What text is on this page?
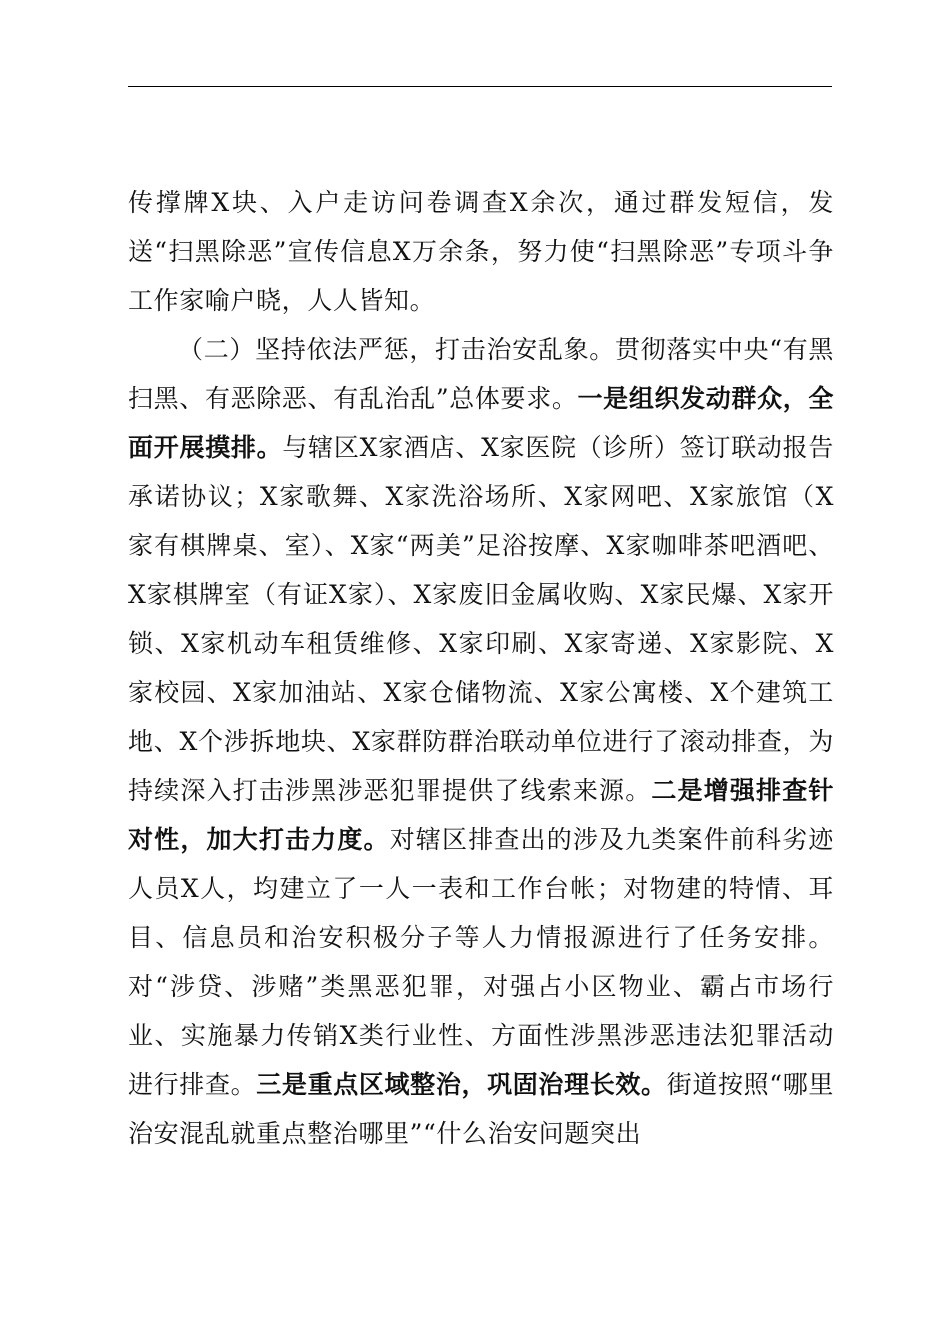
传撑牌X块、入户走访问卷调查X余次，通过群发短信，发送“扫黑除恶”宣传信息X万余条，努力使“扫黑除恶”专项斗争工作家喻户晓，人人皆知。

（二）坚持依法严惩，打击治安乱象。贯彻落实中央“有黑扫黑、有恶除恶、有乱治乱”总体要求。一是组织发动群众，全面开展摸排。与辖区X家酒店、X家医院（诊所）签订联动报告承诺协议；X家歌舞、X家洗浴场所、X家网吧、X家旅馆（X家有棋牌桌、室）、X家“两美”足浴按摩、X家咖啡茶吧酒吧、X家棋牌室（有证X家）、X家废旧金属收购、X家民爆、X家开锁、X家机动车租赁维修、X家印刷、X家寄递、X家影院、X家校园、X家加油站、X家仓储物流、X家公寓楼、X个建筑工地、X个涉拆地块、X家群防群治联动单位进行了滚动排查，为持续深入打击涉黑涉恶犯罪提供了线索来源。二是增强排查针对性，加大打击力度。对辖区排查出的涉及九类案件前科劣迹人员X人，均建立了一人一表和工作台帐；对物建的特情、耳目、信息员和治安积极分子等人力情报源进行了任务安排。对“涉贷、涉赌”类黑恶犯罪，对强占小区物业、霸占市场行业、实施暴力传销X类行业性、方面性涉黑涉恶违法犯罪活动进行排查。三是重点区域整治，巩固治理长效。街道按照“哪里治安混乱就重点整治哪里”“什么治安问题突出
